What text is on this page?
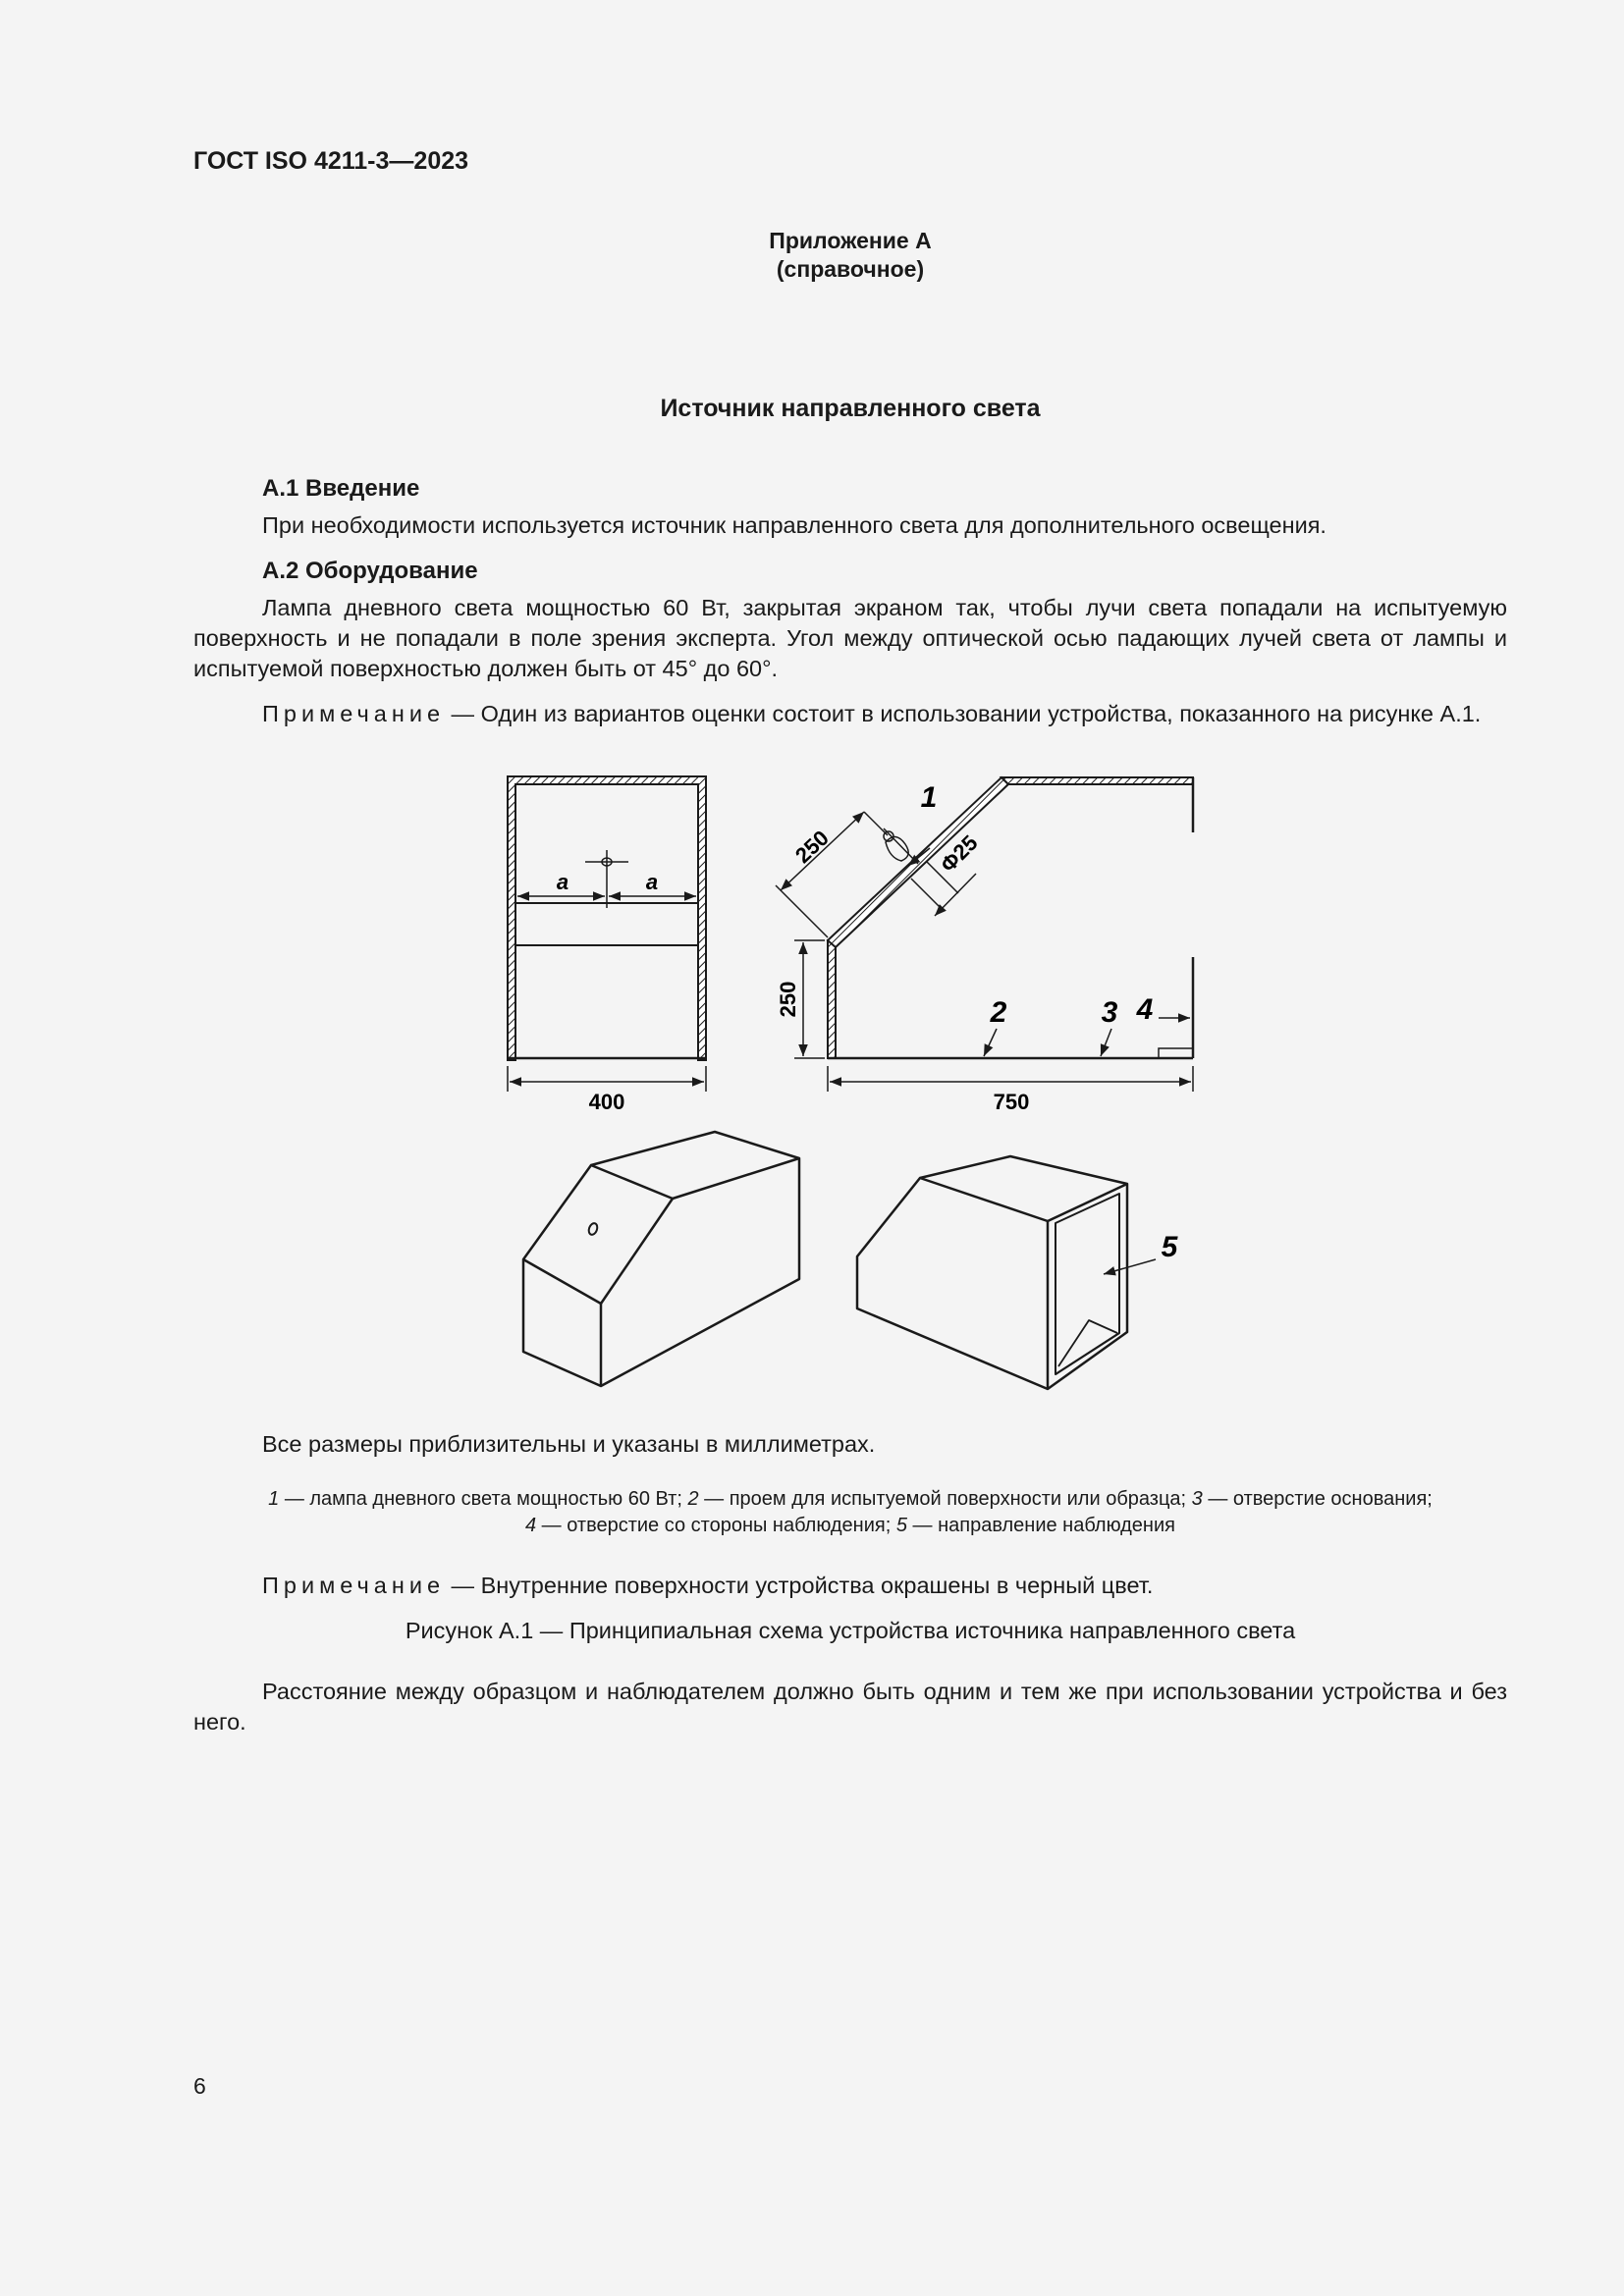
ГОСТ ISO 4211-3—2023
Приложение А
(справочное)
Источник направленного света
А.1 Введение
При необходимости используется источник направленного света для дополнительного освещения.
А.2 Оборудование
Лампа дневного света мощностью 60 Вт, закрытая экраном так, чтобы лучи света попадали на испытуемую поверхность и не попадали в поле зрения эксперта. Угол между оптической осью падающих лучей света от лампы и испытуемой поверхностью должен быть от 45° до 60°.
Примечание — Один из вариантов оценки состоит в использовании устройства, показанного на рисунке А.1.
a	a
400
250	Φ25
1
250
750
2	3 4
5
Все размеры приблизительны и указаны в миллиметрах.
1 — лампа дневного света мощностью 60 Вт; 2 — проем для испытуемой поверхности или образца; 3 — отверстие основания;
4 — отверстие со стороны наблюдения; 5 — направление наблюдения
Примечание — Внутренние поверхности устройства окрашены в черный цвет.
Рисунок А.1 — Принципиальная схема устройства источника направленного света
Расстояние между образцом и наблюдателем должно быть одним и тем же при использовании устройства и без него.
6
